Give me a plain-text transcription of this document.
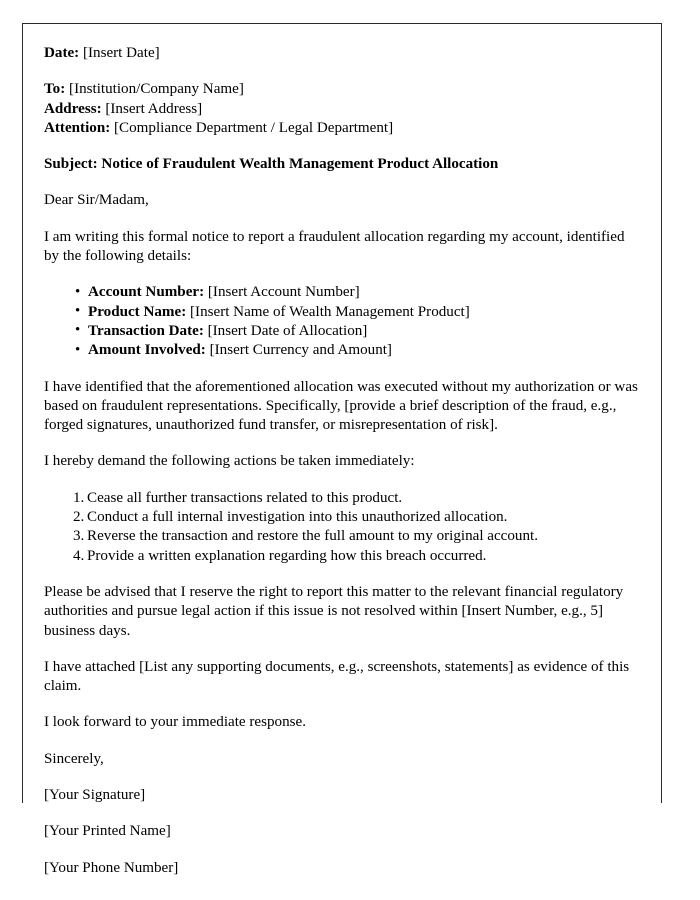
Date: [Insert Date]
To: [Institution/Company Name]
Address: [Insert Address]
Attention: [Compliance Department / Legal Department]
Subject: Notice of Fraudulent Wealth Management Product Allocation

Dear Sir/Madam,

I am writing this formal notice to report a fraudulent allocation regarding my account, identified by the following details:

• Account Number: [Insert Account Number]
• Product Name: [Insert Name of Wealth Management Product]
• Transaction Date: [Insert Date of Allocation]
• Amount Involved: [Insert Currency and Amount]

I have identified that the aforementioned allocation was executed without my authorization or was based on fraudulent representations. Specifically, [provide a brief description of the fraud, e.g., forged signatures, unauthorized fund transfer, or misrepresentation of risk].

I hereby demand the following actions be taken immediately:

Cease all further transactions related to this product.
Conduct a full internal investigation into this unauthorized allocation.
Reverse the transaction and restore the full amount to my original account.
Provide a written explanation regarding how this breach occurred.

Please be advised that I reserve the right to report this matter to the relevant financial regulatory authorities and pursue legal action if this issue is not resolved within [Insert Number, e.g., 5] business days.

I have attached [List any supporting documents, e.g., screenshots, statements] as evidence of this claim.

I look forward to your immediate response.

Sincerely,
[Your Signature]
[Your Printed Name]
[Your Phone Number]
